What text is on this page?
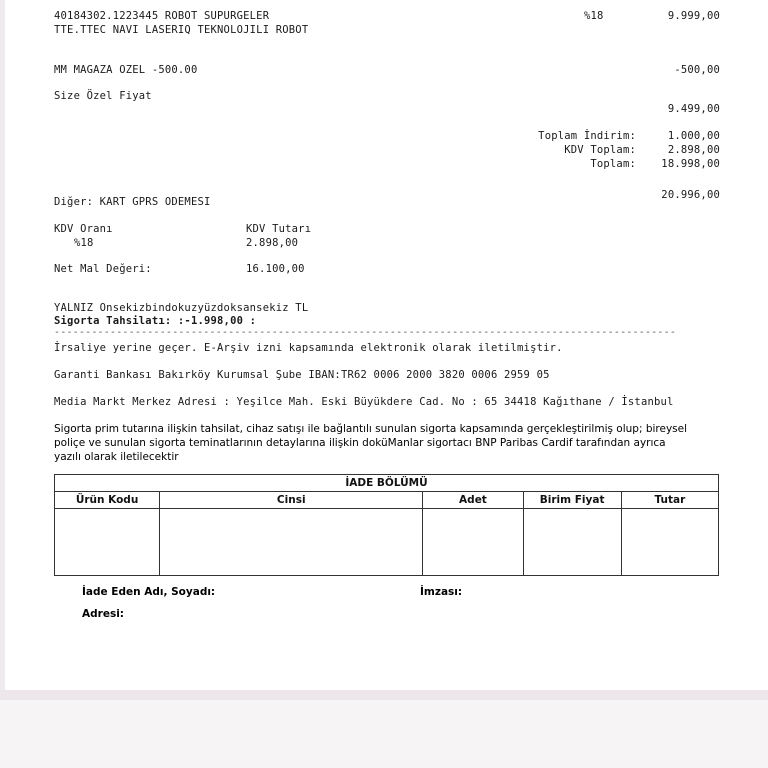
40184302.1223445 ROBOT SUPURGELER
TTE.TTEC NAVI LASERIQ TEKNOLOJILI ROBOT
%18	9.999,00
MM MAGAZA OZEL -500.00	-500,00
Size Özel Fiyat
9.499,00
Toplam İndirim:	1.000,00
KDV Toplam:	2.898,00
Toplam: 18.998,00
20.996,00
Diğer: KART GPRS ODEMESI
KDV Oranı	KDV Tutarı
%18	2.898,00
Net Mal Değeri:	16.100,00
YALNIZ Onsekizbindokuzyüzdoksansekiz TL
Sigorta Tahsilatı: :-1.998,00 :
----------------------------------------------------------------------------------------------------
İrsaliye yerine geçer. E-Arşiv izni kapsamında elektronik olarak iletilmiştir.
Garanti Bankası Bakırköy Kurumsal Şube IBAN:TR62 0006 2000 3820 0006 2959 05
Media Markt Merkez Adresi : Yeşilce Mah. Eski Büyükdere Cad. No : 65 34418 Kağıthane / İstanbul
Sigorta prim tutarına ilişkin tahsilat, cihaz satışı ile bağlantılı sunulan sigorta kapsamında gerçekleştirilmiş olup; bireysel poliçe ve sunulan sigorta teminatlarının detaylarına ilişkin doküManlar sigortacı BNP Paribas Cardif tarafından ayrıca yazılı olarak iletilecektir
İADE BÖLÜMÜ				
Ürün Kodu	Cinsi	Adet	Birim Fiyat	Tutar

İade Eden Adı, Soyadı:	İmzası:
Adresi:
